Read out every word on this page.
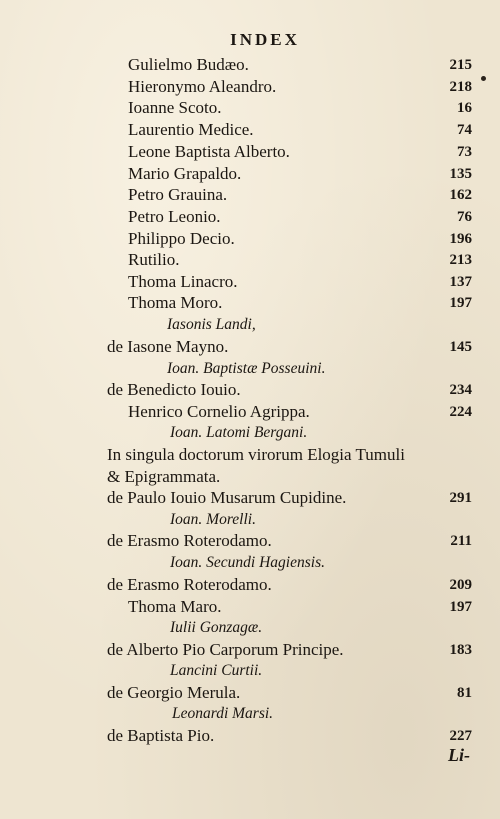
INDEX
Gulielmo Budæo.	215
Hieronymo Aleandro.	218
Ioanne Scoto.	16
Laurentio Medice.	74
Leone Baptista Alberto.	73
Mario Grapaldo.	135
Petro Grauina.	162
Petro Leonio.	76
Philippo Decio.	196
Rutilio.	213
Thoma Linacro.	137
Thoma Moro.	197
Iasonis Landi,
de Iasone Mayno.	145
Ioan. Baptistæ Posseuini.
de Benedicto Iouio.	234
Henrico Cornelio Agrippa.	224
Ioan. Latomi Bergani.
In singula doctorum virorum Elogia Tumuli
& Epigrammata.
de Paulo Iouio Musarum Cupidine.	291
Ioan. Morelli.
de Erasmo Roterodamo.	211
Ioan. Secundi Hagiensis.
de Erasmo Roterodamo.	209
Thoma Maro.	197
Iulii Gonzagæ.
de Alberto Pio Carporum Principe.	183
Lancini Curtii.
de Georgio Merula.	81
Leonardi Marsi.
de Baptista Pio.	227
Li-
